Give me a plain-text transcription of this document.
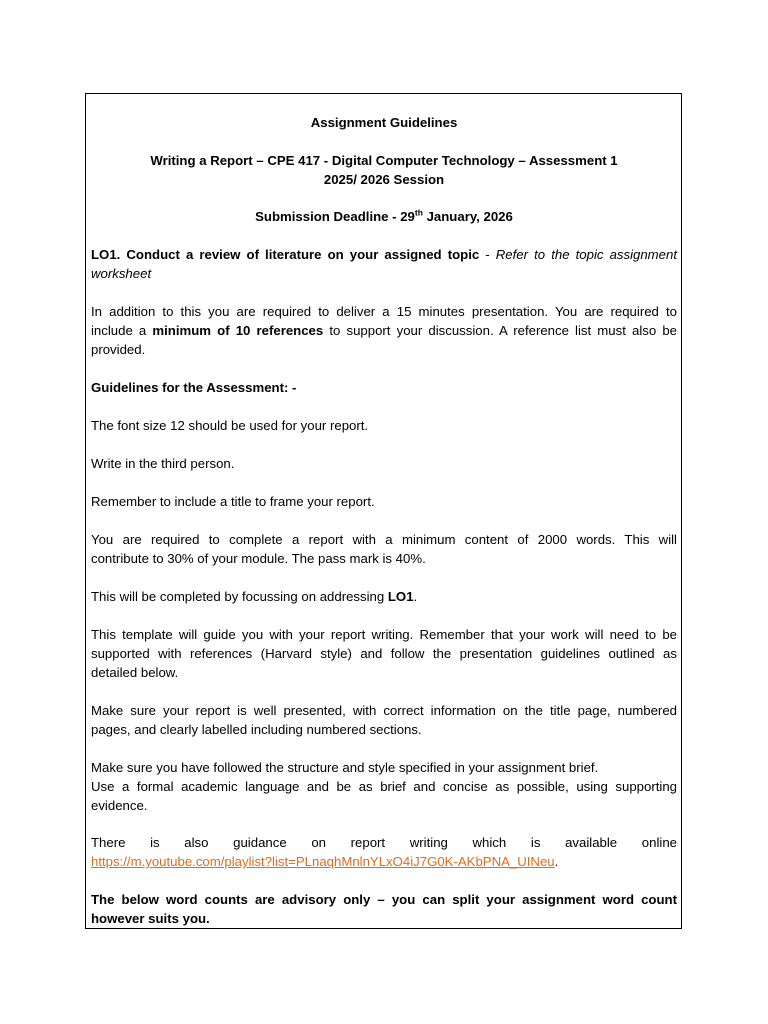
Assignment Guidelines
Writing a Report – CPE 417 - Digital Computer Technology – Assessment 1
2025/ 2026 Session
Submission Deadline - 29th January, 2026
LO1. Conduct a review of literature on your assigned topic - Refer to the topic assignment
worksheet
In addition to this you are required to deliver a 15 minutes presentation. You are required to
include a minimum of 10 references to support your discussion. A reference list must also be
provided.
Guidelines for the Assessment: -
The font size 12 should be used for your report.
Write in the third person.
Remember to include a title to frame your report.
You are required to complete a report with a minimum content of 2000 words. This will
contribute to 30% of your module. The pass mark is 40%.
This will be completed by focussing on addressing LO1.
This template will guide you with your report writing. Remember that your work will need to be
supported with references (Harvard style) and follow the presentation guidelines outlined as
detailed below.
Make sure your report is well presented, with correct information on the title page, numbered
pages, and clearly labelled including numbered sections.
Make sure you have followed the structure and style specified in your assignment brief.
Use a formal academic language and be as brief and concise as possible, using supporting
evidence.
There is also guidance on report writing which is available online
https://m.youtube.com/playlist?list=PLnaqhMnlnYLxO4iJ7G0K-AKbPNA_UINeu.
The below word counts are advisory only – you can split your assignment word count
however suits you.
